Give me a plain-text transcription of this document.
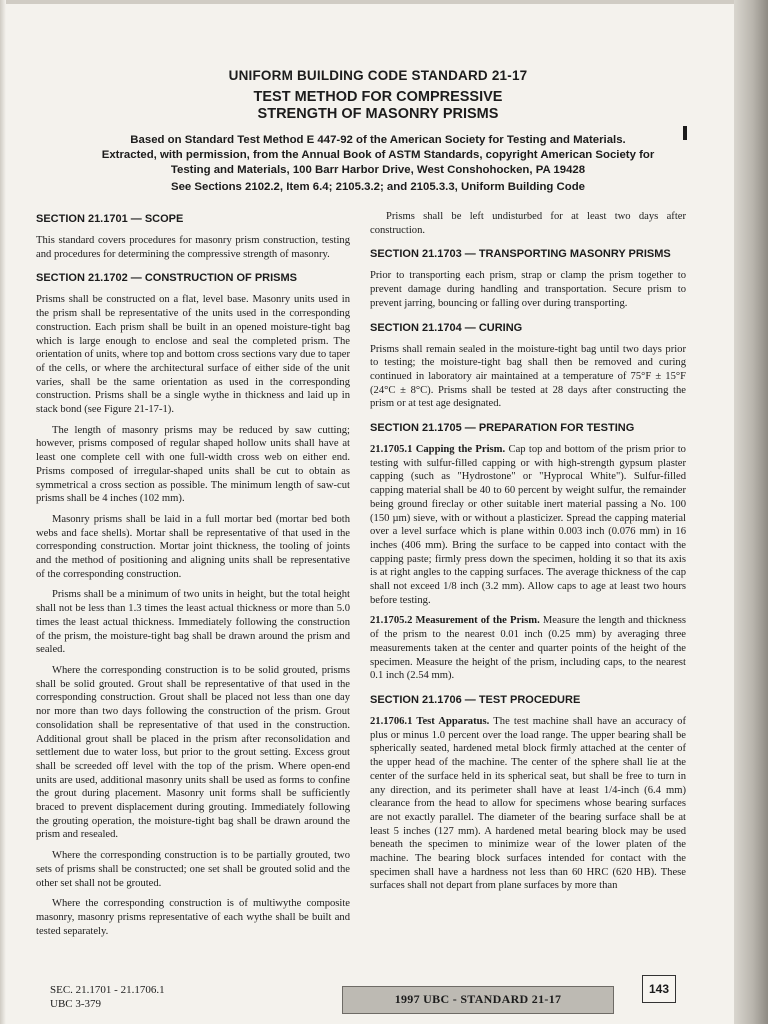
UNIFORM BUILDING CODE STANDARD 21-17
TEST METHOD FOR COMPRESSIVE
STRENGTH OF MASONRY PRISMS
Based on Standard Test Method E 447-92 of the American Society for Testing and Materials.
Extracted, with permission, from the Annual Book of ASTM Standards, copyright American Society for
Testing and Materials, 100 Barr Harbor Drive, West Conshohocken, PA 19428
See Sections 2102.2, Item 6.4; 2105.3.2; and 2105.3.3, Uniform Building Code
SECTION 21.1701 — SCOPE

This standard covers procedures for masonry prism construction, testing and procedures for determining the compressive strength of masonry.

SECTION 21.1702 — CONSTRUCTION OF PRISMS

Prisms shall be constructed on a flat, level base. Masonry units used in the prism shall be representative of the units used in the corresponding construction. Each prism shall be built in an opened moisture-tight bag which is large enough to enclose and seal the completed prism. The orientation of units, where top and bottom cross sections vary due to taper of the cells, or where the architectural surface of either side of the unit varies, shall be the same orientation as used in the corresponding construction. Prisms shall be a single wythe in thickness and laid up in stack bond (see Figure 21-17-1).

The length of masonry prisms may be reduced by saw cutting; however, prisms composed of regular shaped hollow units shall have at least one complete cell with one full-width cross web on either end. Prisms composed of irregular-shaped units shall be cut to obtain as symmetrical a cross section as possible. The minimum length of saw-cut prisms shall be 4 inches (102 mm).

Masonry prisms shall be laid in a full mortar bed (mortar bed both webs and face shells). Mortar shall be representative of that used in the corresponding construction. Mortar joint thickness, the tooling of joints and the method of positioning and aligning units shall be representative of the corresponding construction.

Prisms shall be a minimum of two units in height, but the total height shall not be less than 1.3 times the least actual thickness or more than 5.0 times the least actual thickness. Immediately following the construction of the prism, the moisture-tight bag shall be drawn around the prism and sealed.

Where the corresponding construction is to be solid grouted, prisms shall be solid grouted. Grout shall be representative of that used in the corresponding construction. Grout shall be placed not less than one day nor more than two days following the construction of the prism. Grout consolidation shall be representative of that used in the construction. Additional grout shall be placed in the prism after reconsolidation and settlement due to water loss, but prior to the grout setting. Excess grout shall be screeded off level with the top of the prism. Where open-end units are used, additional masonry units shall be used as forms to confine the grout during placement. Masonry unit forms shall be sufficiently braced to prevent displacement during grouting. Immediately following the grouting operation, the moisture-tight bag shall be drawn around the prism and resealed.

Where the corresponding construction is to be partially grouted, two sets of prisms shall be constructed; one set shall be grouted solid and the other set shall not be grouted.

Where the corresponding construction is of multiwythe composite masonry, masonry prisms representative of each wythe shall be built and tested separately.

Prisms shall be left undisturbed for at least two days after construction.

SECTION 21.1703 — TRANSPORTING MASONRY PRISMS

Prior to transporting each prism, strap or clamp the prism together to prevent damage during handling and transportation. Secure prism to prevent jarring, bouncing or falling over during transporting.

SECTION 21.1704 — CURING

Prisms shall remain sealed in the moisture-tight bag until two days prior to testing; the moisture-tight bag shall then be removed and curing continued in laboratory air maintained at a temperature of 75°F ± 15°F (24°C ± 8°C). Prisms shall be tested at 28 days after constructing the prism or at test age designated.

SECTION 21.1705 — PREPARATION FOR TESTING

21.1705.1 Capping the Prism. Cap top and bottom of the prism prior to testing with sulfur-filled capping or with high-strength gypsum plaster capping (such as "Hydrostone" or "Hyprocal White"). Sulfur-filled capping material shall be 40 to 60 percent by weight sulfur, the remainder being ground fireclay or other suitable inert material passing a No. 100 (150 µm) sieve, with or without a plasticizer. Spread the capping material over a level surface which is plane within 0.003 inch (0.076 mm) in 16 inches (406 mm). Bring the surface to be capped into contact with the capping paste; firmly press down the specimen, holding it so that its axis is at right angles to the capping surfaces. The average thickness of the cap shall not exceed 1/8 inch (3.2 mm). Allow caps to age at least two hours before testing.

21.1705.2 Measurement of the Prism. Measure the length and thickness of the prism to the nearest 0.01 inch (0.25 mm) by averaging three measurements taken at the center and quarter points of the height of the specimen. Measure the height of the prism, including caps, to the nearest 0.1 inch (2.54 mm).

SECTION 21.1706 — TEST PROCEDURE

21.1706.1 Test Apparatus. The test machine shall have an accuracy of plus or minus 1.0 percent over the load range. The upper bearing shall be spherically seated, hardened metal block firmly attached at the center of the upper head of the machine. The center of the sphere shall lie at the center of the surface held in its spherical seat, but shall be free to turn in any direction, and its perimeter shall have at least 1/4-inch (6.4 mm) clearance from the head to allow for specimens whose bearing surfaces are not exactly parallel. The diameter of the bearing surface shall be at least 5 inches (127 mm). A hardened metal bearing block may be used beneath the specimen to minimize wear of the lower platen of the machine. The bearing block surfaces intended for contact with the specimen shall have a hardness not less than 60 HRC (620 HB). These surfaces shall not depart from plane surfaces by more than

SEC. 21.1701 - 21.1706.1
UBC 3-379	1997 UBC - STANDARD 21-17
143
